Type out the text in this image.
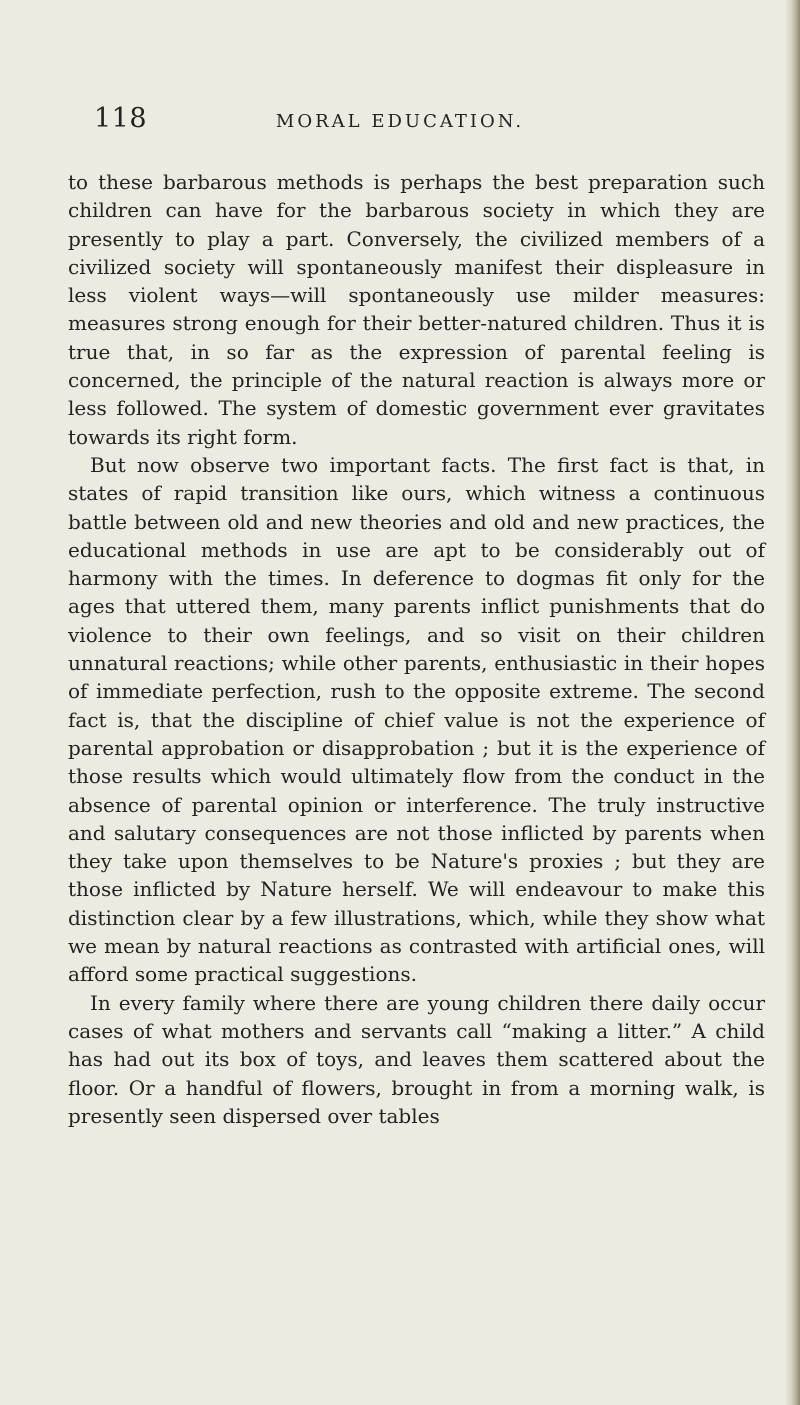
118	MORAL EDUCATION.

to these barbarous methods is perhaps the best preparation such children can have for the barbarous society in which they are presently to play a part. Conversely, the civilized members of a civilized society will spontaneously manifest their displeasure in less violent ways—will spontaneously use milder measures: measures strong enough for their better-natured children. Thus it is true that, in so far as the expression of parental feeling is concerned, the principle of the natural reaction is always more or less followed. The system of domestic government ever gravitates towards its right form.

But now observe two important facts. The first fact is that, in states of rapid transition like ours, which witness a continuous battle between old and new theories and old and new practices, the educational methods in use are apt to be considerably out of harmony with the times. In deference to dogmas fit only for the ages that uttered them, many parents inflict punishments that do violence to their own feelings, and so visit on their children unnatural reactions; while other parents, enthusiastic in their hopes of immediate perfection, rush to the opposite extreme. The second fact is, that the discipline of chief value is not the experience of parental approbation or disapprobation ; but it is the experience of those results which would ultimately flow from the conduct in the absence of parental opinion or interference. The truly instructive and salutary consequences are not those inflicted by parents when they take upon themselves to be Nature's proxies ; but they are those inflicted by Nature herself. We will endeavour to make this distinction clear by a few illustrations, which, while they show what we mean by natural reactions as contrasted with artificial ones, will afford some practical suggestions.

In every family where there are young children there daily occur cases of what mothers and servants call “making a litter.” A child has had out its box of toys, and leaves them scattered about the floor. Or a handful of flowers, brought in from a morning walk, is presently seen dispersed over tables
